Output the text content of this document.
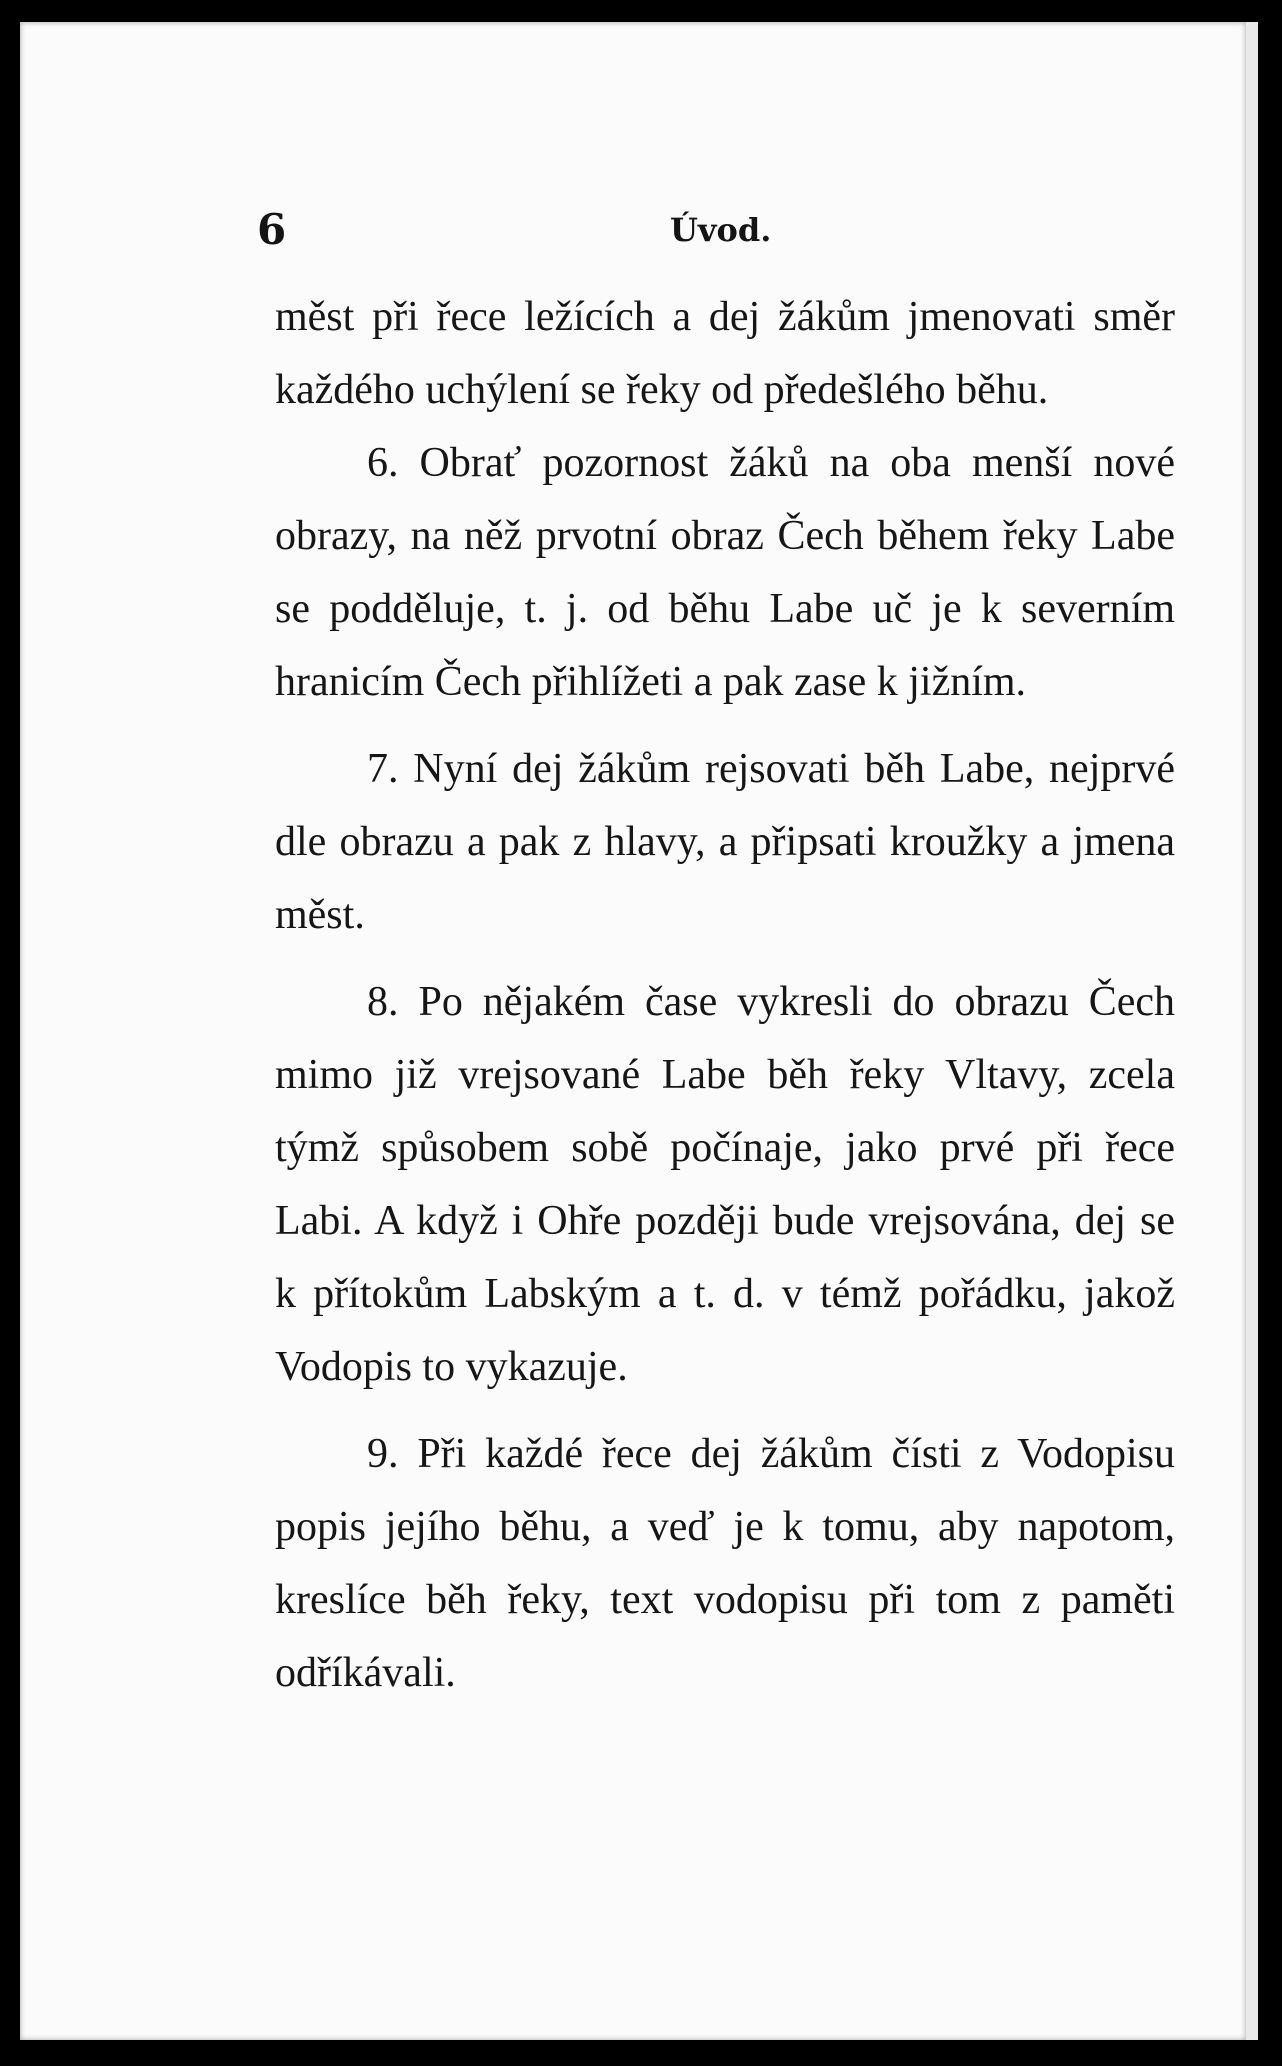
6	Úvod.

měst při řece ležících a dej žákům jmenovati směr každého uchýlení se řeky od předešlého běhu.

6. Obrať pozornost žáků na oba menší nové obrazy, na něž prvotní obraz Čech během řeky Labe se podděluje, t. j. od běhu Labe uč je k severním hranicím Čech přihlížeti a pak zase k jižním.

7. Nyní dej žákům rejsovati běh Labe, nejprvé dle obrazu a pak z hlavy, a připsati kroužky a jmena měst.

8. Po nějakém čase vykresli do obrazu Čech mimo již vrejsované Labe běh řeky Vltavy, zcela týmž spůsobem sobě počínaje, jako prvé při řece Labi. A když i Ohře později bude vrejsována, dej se k přítokům Labským a t. d. v témž pořádku, jakož Vodopis to vykazuje.

9. Při každé řece dej žákům čísti z Vodopisu popis jejího běhu, a veď je k tomu, aby napotom, kreslíce běh řeky, text vodopisu při tom z paměti odříkávali.
